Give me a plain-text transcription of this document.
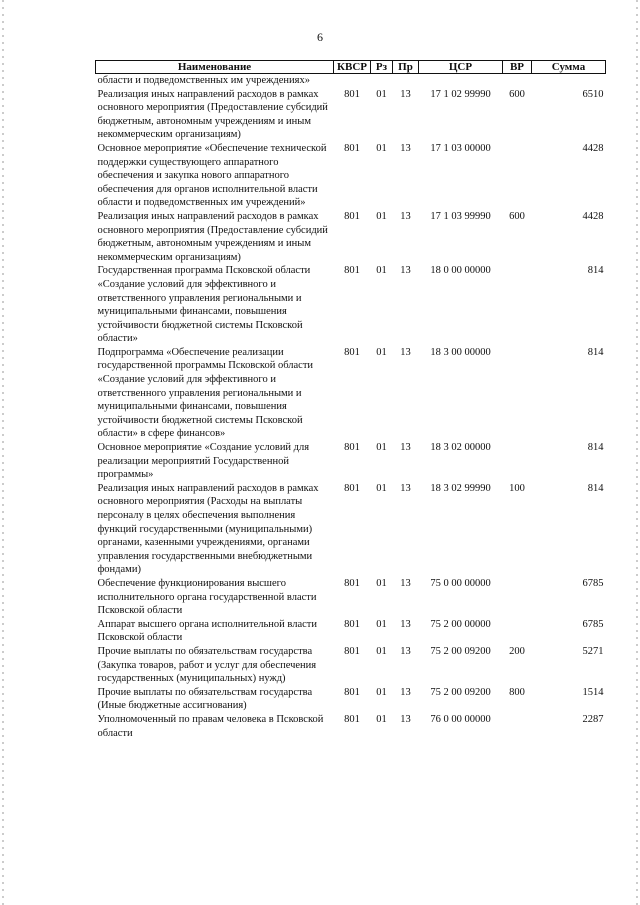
6
Наименование	КВСР	Рз	Пр	ЦСР	ВР	Сумма
области и подведомственных им учреждениях»						
Реализация иных направлений расходов в рамках основного мероприятия (Предоставление субсидий бюджетным, автономным учреждениям и иным некоммерческим организациям)	801	01	13	17 1 02 99990	600	6510
Основное мероприятие «Обеспечение технической поддержки существующего аппаратного обеспечения и закупка нового аппаратного обеспечения для органов исполнительной власти области и подведомственных им учреждений»	801	01	13	17 1 03 00000		4428
Реализация иных направлений расходов в рамках основного мероприятия (Предоставление субсидий бюджетным, автономным учреждениям и иным некоммерческим организациям)	801	01	13	17 1 03 99990	600	4428
Государственная программа Псковской области «Создание условий для эффективного и ответственного управления региональными и муниципальными финансами, повышения устойчивости бюджетной системы Псковской области»	801	01	13	18 0 00 00000		814
Подпрограмма «Обеспечение реализации государственной программы Псковской области «Создание условий для эффективного и ответственного управления региональными и муниципальными финансами, повышения устойчивости бюджетной системы Псковской области» в сфере финансов»	801	01	13	18 3 00 00000		814
Основное мероприятие «Создание условий для реализации мероприятий Государственной программы»	801	01	13	18 3 02 00000		814
Реализация иных направлений расходов в рамках основного мероприятия (Расходы на выплаты персоналу в целях обеспечения выполнения функций государственными (муниципальными) органами, казенными учреждениями, органами управления государственными внебюджетными фондами)	801	01	13	18 3 02 99990	100	814
Обеспечение функционирования высшего исполнительного органа государственной власти Псковской области	801	01	13	75 0 00 00000		6785
Аппарат высшего органа исполнительной власти Псковской области	801	01	13	75 2 00 00000		6785
Прочие выплаты по обязательствам государства (Закупка товаров, работ и услуг для обеспечения государственных (муниципальных) нужд)	801	01	13	75 2 00 09200	200	5271
Прочие выплаты по обязательствам государства (Иные бюджетные ассигнования)	801	01	13	75 2 00 09200	800	1514
Уполномоченный по правам человека в Псковской области	801	01	13	76 0 00 00000		2287
